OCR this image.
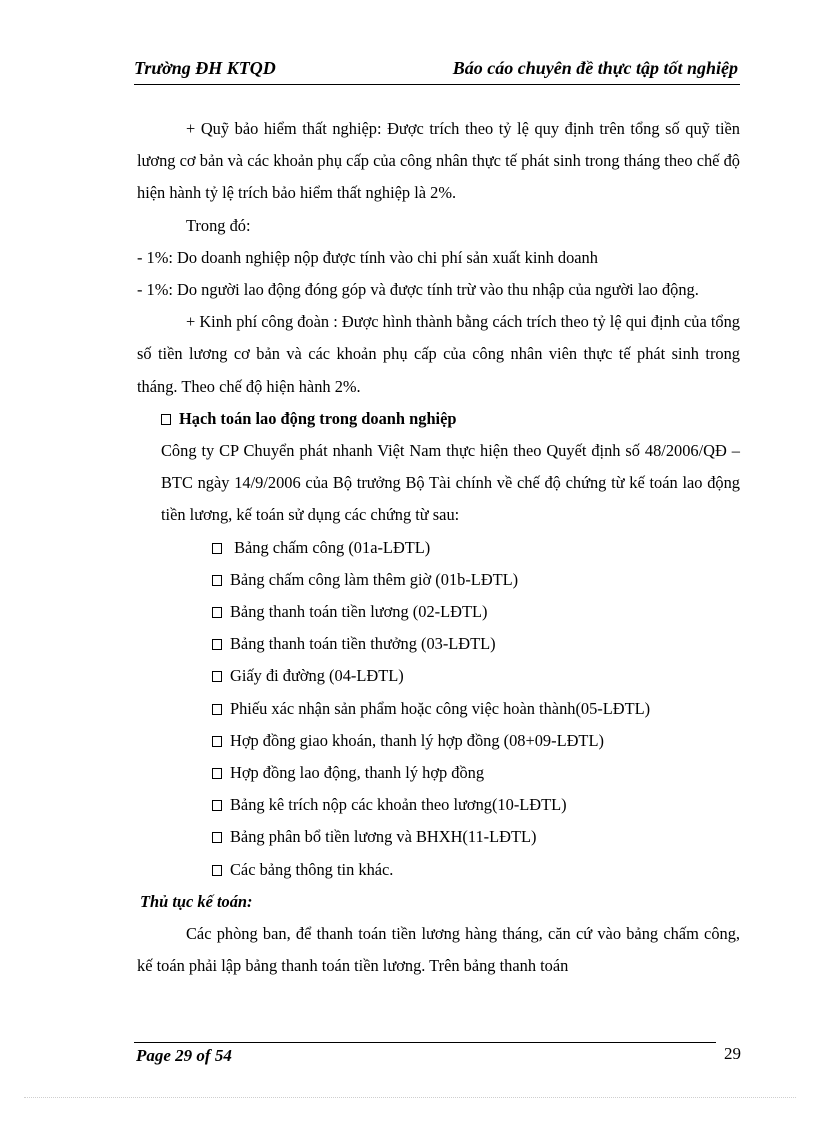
Trường ĐH KTQD	Báo cáo chuyên đề thực tập tốt nghiệp

+ Quỹ bảo hiểm thất nghiệp: Được trích theo tỷ lệ quy định trên tổng số quỹ tiền lương cơ bản và các khoản phụ cấp của công nhân thực tế phát sinh trong tháng theo chế độ hiện hành tỷ lệ trích bảo hiểm thất nghiệp là 2%.

Trong đó:

- 1%: Do doanh nghiệp nộp được tính vào chi phí sản xuất kinh doanh

- 1%: Do người lao động đóng góp và được tính trừ vào thu nhập của người lao động.

+ Kinh phí công đoàn : Được hình thành bằng cách trích theo tỷ lệ qui định của tổng số tiền lương cơ bản và các khoản phụ cấp của công nhân viên thực tế phát sinh trong tháng. Theo chế độ hiện hành 2%.

Hạch toán lao động trong doanh nghiệp

Công ty CP Chuyển phát nhanh Việt Nam thực hiện theo Quyết định số 48/2006/QĐ – BTC ngày 14/9/2006 của Bộ trưởng Bộ Tài chính về chế độ chứng từ kế toán lao động tiền lương, kế toán sử dụng các chứng từ sau:

Bảng chấm công (01a-LĐTL)
Bảng chấm công làm thêm giờ (01b-LĐTL)
Bảng thanh toán tiền lương (02-LĐTL)
Bảng thanh toán tiền thưởng (03-LĐTL)
Giấy đi đường (04-LĐTL)
Phiếu xác nhận sản phẩm hoặc công việc hoàn thành(05-LĐTL)
Hợp đồng giao khoán, thanh lý hợp đồng (08+09-LĐTL)
Hợp đồng lao động, thanh lý hợp đồng
Bảng kê trích nộp các khoản theo lương(10-LĐTL)
Bảng phân bổ tiền lương và BHXH(11-LĐTL)
Các bảng thông tin khác.

Thủ tục kế toán:

Các phòng ban, để thanh toán tiền lương hàng tháng, căn cứ vào bảng chấm công, kế toán phải lập bảng thanh toán tiền lương. Trên bảng thanh toán

Page 29 of 54	29
